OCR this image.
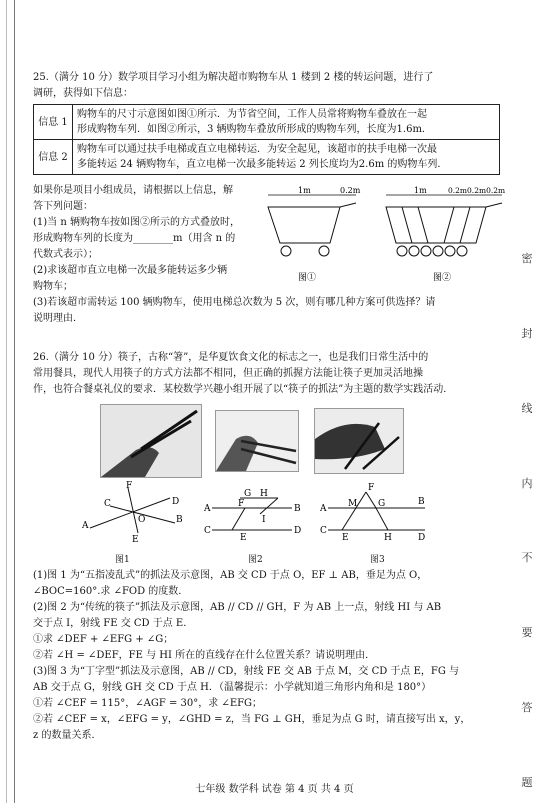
25.（满分 10 分）数学项目学习小组为解决超市购物车从 1 楼到 2 楼的转运问题，进行了
调研，获得如下信息：
信息 1	购物车的尺寸示意图如图①所示．为节省空间，工作人员常将购物车叠放在一起
形成购物车列．如图②所示，3 辆购物车叠放所形成的购物车列，长度为1.6m．

信息 2	购物车可以通过扶手电梯或直立电梯转运．为安全起见，该超市的扶手电梯一次最
多能转运 24 辆购物车，直立电梯一次最多能转运 2 列长度均为2.6m 的购物车列．
如果你是项目小组成员，请根据以上信息，解
答下列问题：
(1)当 n 辆购物车按如图②所示的方式叠放时，
形成购物车列的长度为________m（用含 n 的
代数式表示）；
(2)求该超市直立电梯一次最多能转运多少辆
购物车；
(3)若该超市需转运 100 辆购物车，使用电梯总次数为 5 次，则有哪几种方案可供选择？请
说明理由．
1m	0.2m
图①
1m	0.2m0.2m0.2m
图②
26.（满分 10 分）筷子，古称“箸”，是华夏饮食文化的标志之一，也是我们日常生活中的
常用餐具，现代人用筷子的方式方法都不相同，但正确的抓握方法能让筷子更加灵活地操
作，也符合餐桌礼仪的要求．某校数学兴趣小组开展了以“筷子的抓法”为主题的数学实践活动．
A
D
C
B
F
E
O
A	B
C	D
F
G H
I
E
A
B
C
D
F
M G
E	H
图1	图2	图3
(1)图 1 为“五指凌乱式”的抓法及示意图，AB 交 CD 于点 O，EF ⊥ AB，垂足为点 O，
∠BOC=160°.求 ∠FOD 的度数．
(2)图 2 为“传统的筷子”抓法及示意图，AB // CD // GH，F 为 AB 上一点，射线 HI 与 AB
交于点 I，射线 FE 交 CD 于点 E．
①求 ∠DEF + ∠EFG + ∠G；
②若 ∠H = ∠DEF，FE 与 HI 所在的直线存在什么位置关系？请说明理由．
(3)图 3 为“丁字型”抓法及示意图，AB // CD，射线 FE 交 AB 于点 M，交 CD 于点 E，FG 与
AB 交于点 G，射线 GH 交 CD 于点 H．（温馨提示：小学就知道三角形内角和是 180°）
①若 ∠CEF = 115°，∠AGF = 30°，求 ∠EFG；
②若 ∠CEF = x，∠EFG = y，∠GHD = z，当 FG ⊥ GH，垂足为点 G 时，请直接写出 x，y，
z 的数量关系．
密
封
线
内
不
要
答
题
七年级 数学科 试卷 第 4 页 共 4 页
